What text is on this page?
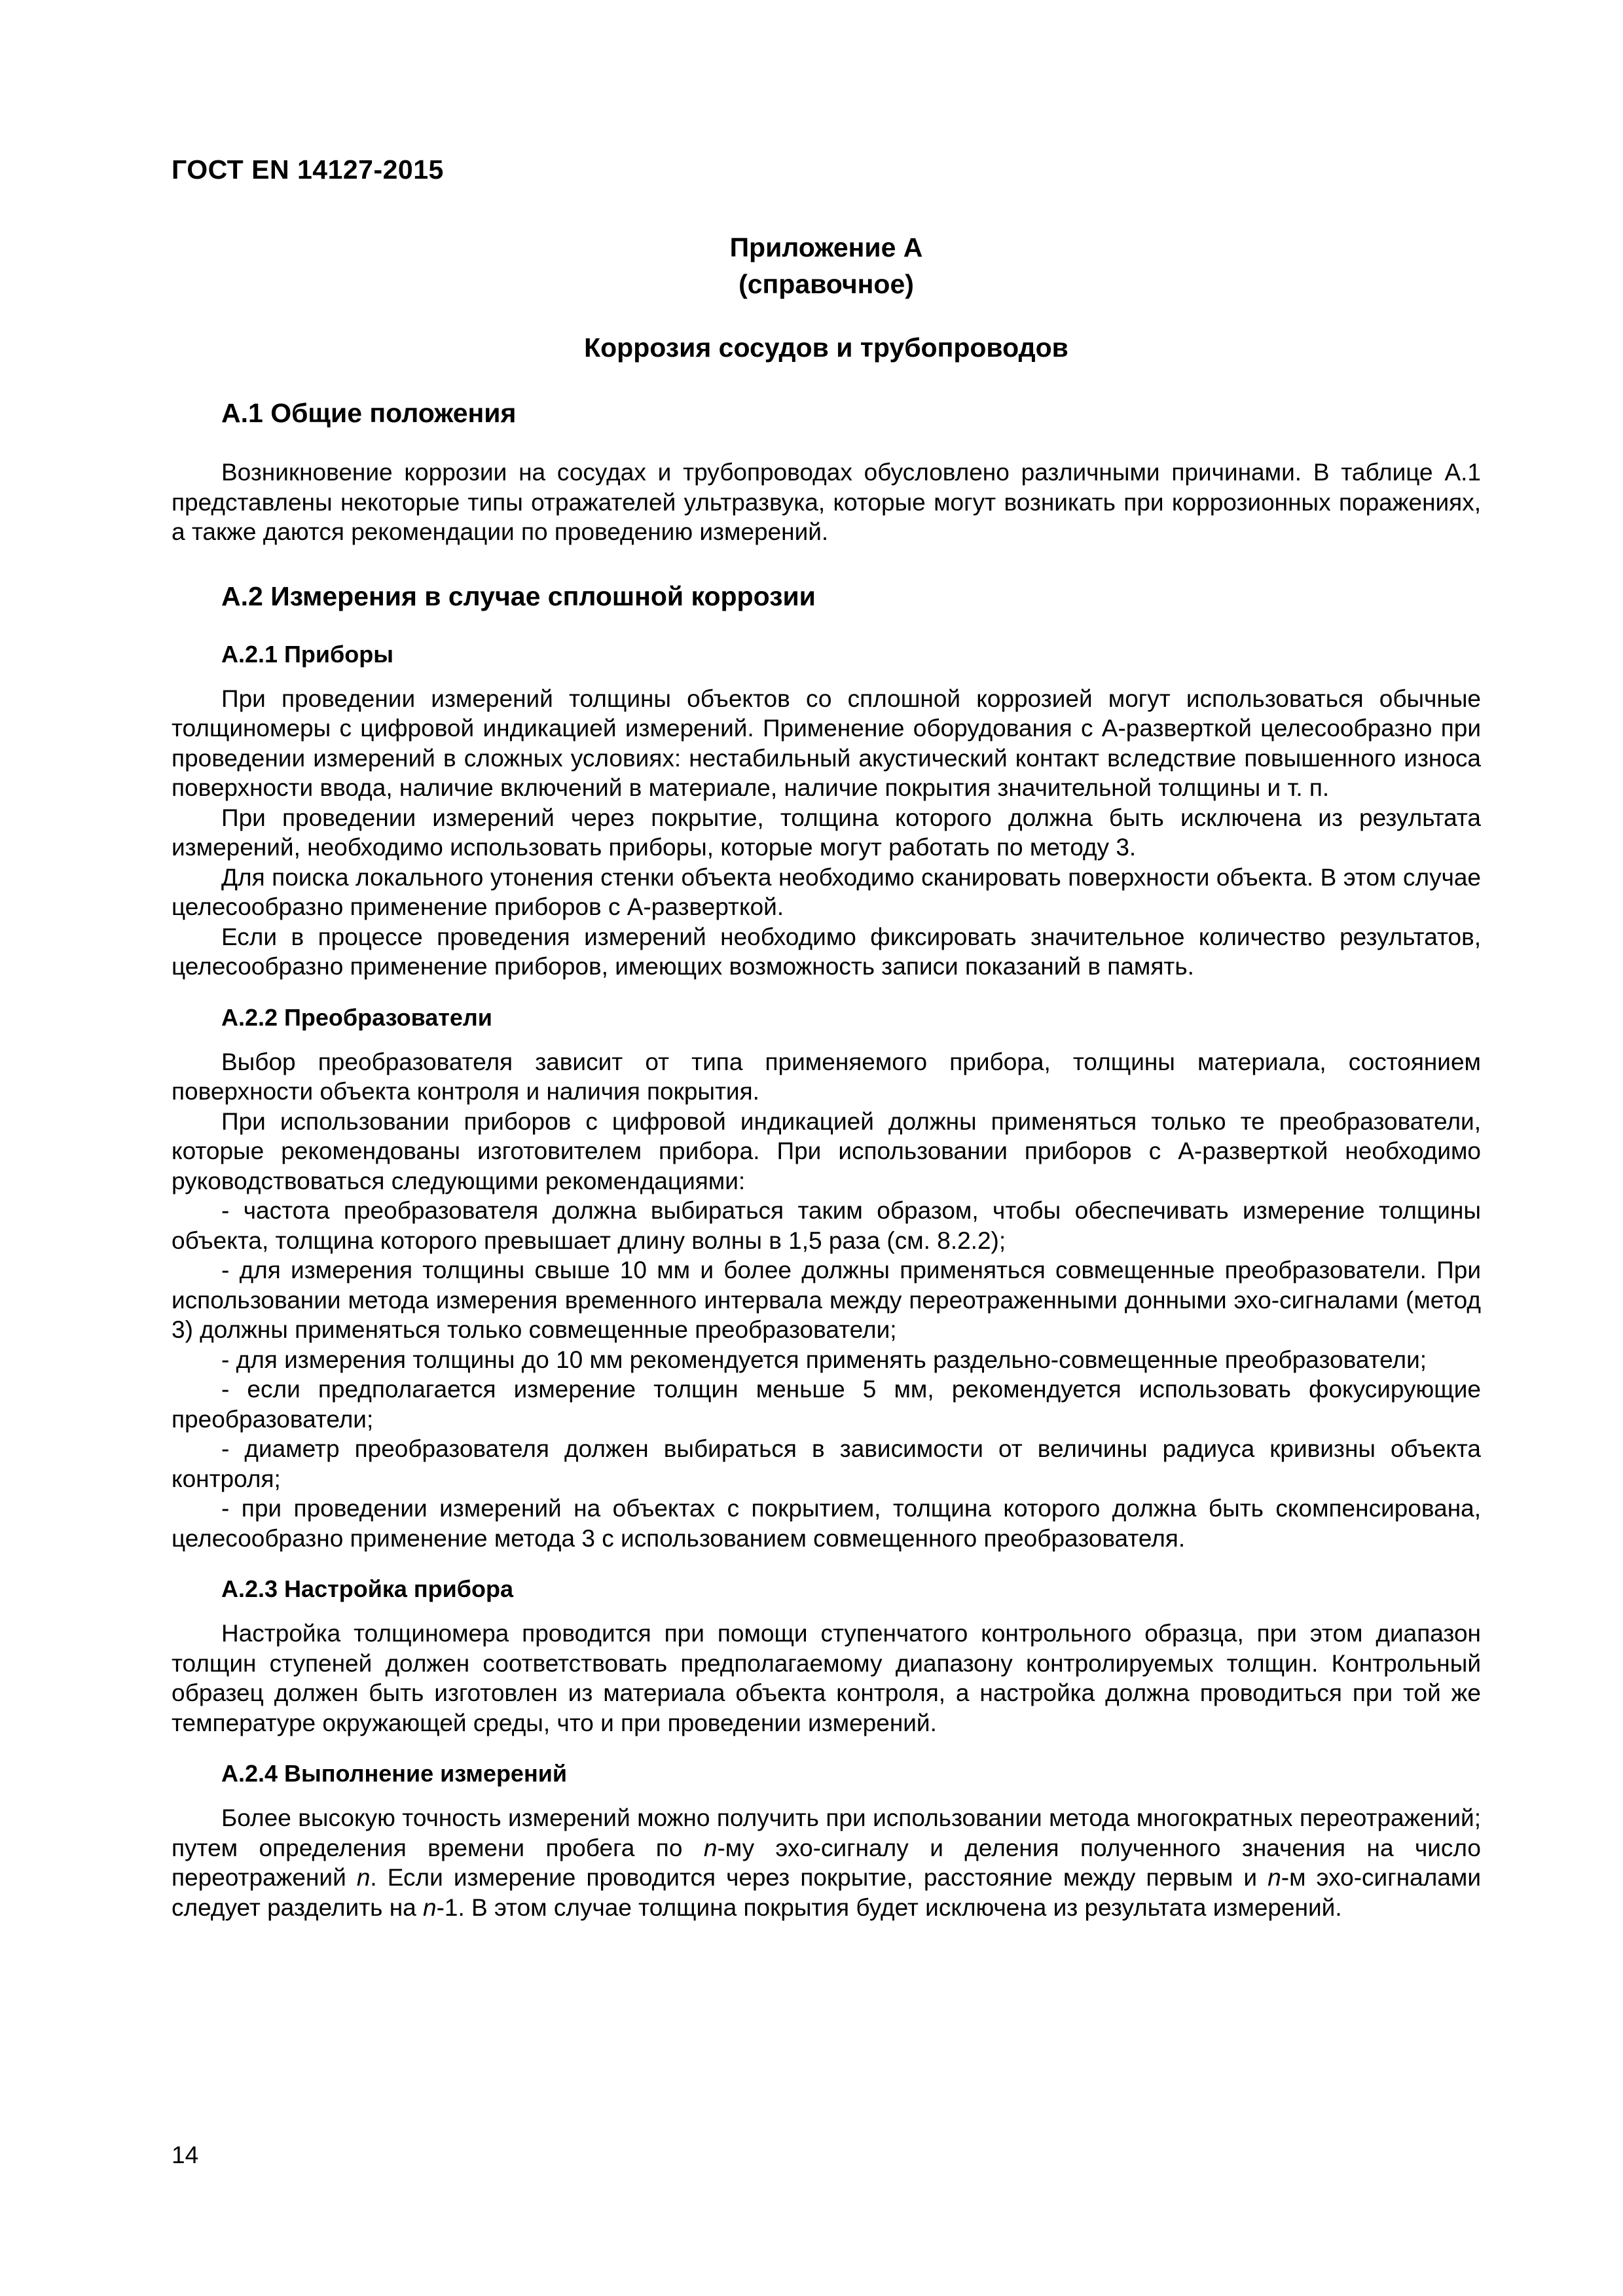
ГОСТ EN 14127-2015
Приложение А
(справочное)
Коррозия сосудов и трубопроводов
А.1 Общие положения

Возникновение коррозии на сосудах и трубопроводах обусловлено различными причинами. В таблице А.1 представлены некоторые типы отражателей ультразвука, которые могут возникать при коррозионных поражениях, а также даются рекомендации по проведению измерений.

А.2 Измерения в случае сплошной коррозии
А.2.1 Приборы

При проведении измерений толщины объектов со сплошной коррозией могут использоваться обычные толщиномеры с цифровой индикацией измерений. Применение оборудования с А-разверткой целесообразно при проведении измерений в сложных условиях: нестабильный акустический контакт вследствие повышенного износа поверхности ввода, наличие включений в материале, наличие покрытия значительной толщины и т. п.

При проведении измерений через покрытие, толщина которого должна быть исключена из результата измерений, необходимо использовать приборы, которые могут работать по методу 3.

Для поиска локального утонения стенки объекта необходимо сканировать поверхности объекта. В этом случае целесообразно применение приборов с А-разверткой.

Если в процессе проведения измерений необходимо фиксировать значительное количество результатов, целесообразно применение приборов, имеющих возможность записи показаний в память.

А.2.2 Преобразователи

Выбор преобразователя зависит от типа применяемого прибора, толщины материала, состоянием поверхности объекта контроля и наличия покрытия.

При использовании приборов с цифровой индикацией должны применяться только те преобразователи, которые рекомендованы изготовителем прибора. При использовании приборов с А-разверткой необходимо руководствоваться следующими рекомендациями:

- частота преобразователя должна выбираться таким образом, чтобы обеспечивать измерение толщины объекта, толщина которого превышает длину волны в 1,5 раза (см. 8.2.2);

- для измерения толщины свыше 10 мм и более должны применяться совмещенные преобразователи. При использовании метода измерения временного интервала между переотраженными донными эхо-сигналами (метод 3) должны применяться только совмещенные преобразователи;

- для измерения толщины до 10 мм рекомендуется применять раздельно-совмещенные преобразователи;

- если предполагается измерение толщин меньше 5 мм, рекомендуется использовать фокусирующие преобразователи;

- диаметр преобразователя должен выбираться в зависимости от величины радиуса кривизны объекта контроля;

- при проведении измерений на объектах с покрытием, толщина которого должна быть скомпенсирована, целесообразно применение метода 3 с использованием совмещенного преобразователя.

А.2.3 Настройка прибора

Настройка толщиномера проводится при помощи ступенчатого контрольного образца, при этом диапазон толщин ступеней должен соответствовать предполагаемому диапазону контролируемых толщин. Контрольный образец должен быть изготовлен из материала объекта контроля, а настройка должна проводиться при той же температуре окружающей среды, что и при проведении измерений.

А.2.4 Выполнение измерений

Более высокую точность измерений можно получить при использовании метода многократных переотражений; путем определения времени пробега по n-му эхо-сигналу и деления полученного значения на число переотражений n. Если измерение проводится через покрытие, расстояние между первым и n-м эхо-сигналами следует разделить на n-1. В этом случае толщина покрытия будет исключена из результата измерений.

14
